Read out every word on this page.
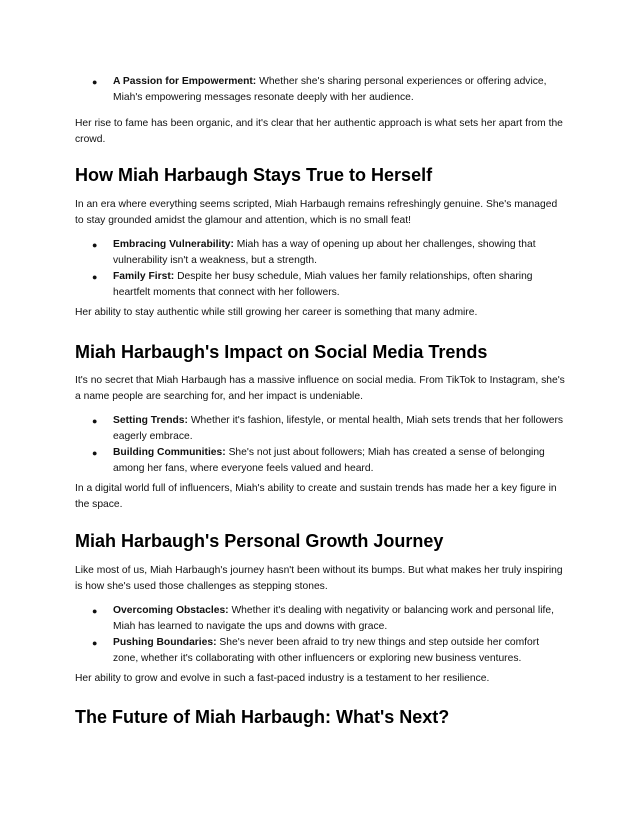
● A Passion for Empowerment: Whether she's sharing personal experiences or offering advice, Miah's empowering messages resonate deeply with her audience.

Her rise to fame has been organic, and it's clear that her authentic approach is what sets her apart from the crowd.

How Miah Harbaugh Stays True to Herself

In an era where everything seems scripted, Miah Harbaugh remains refreshingly genuine. She's managed to stay grounded amidst the glamour and attention, which is no small feat!

● Embracing Vulnerability: Miah has a way of opening up about her challenges, showing that vulnerability isn't a weakness, but a strength.
● Family First: Despite her busy schedule, Miah values her family relationships, often sharing heartfelt moments that connect with her followers.

Her ability to stay authentic while still growing her career is something that many admire.

Miah Harbaugh's Impact on Social Media Trends

It's no secret that Miah Harbaugh has a massive influence on social media. From TikTok to Instagram, she's a name people are searching for, and her impact is undeniable.

● Setting Trends: Whether it's fashion, lifestyle, or mental health, Miah sets trends that her followers eagerly embrace.
● Building Communities: She's not just about followers; Miah has created a sense of belonging among her fans, where everyone feels valued and heard.

In a digital world full of influencers, Miah's ability to create and sustain trends has made her a key figure in the space.

Miah Harbaugh's Personal Growth Journey

Like most of us, Miah Harbaugh's journey hasn't been without its bumps. But what makes her truly inspiring is how she's used those challenges as stepping stones.

● Overcoming Obstacles: Whether it's dealing with negativity or balancing work and personal life, Miah has learned to navigate the ups and downs with grace.
● Pushing Boundaries: She's never been afraid to try new things and step outside her comfort zone, whether it's collaborating with other influencers or exploring new business ventures.

Her ability to grow and evolve in such a fast-paced industry is a testament to her resilience.

The Future of Miah Harbaugh: What's Next?
